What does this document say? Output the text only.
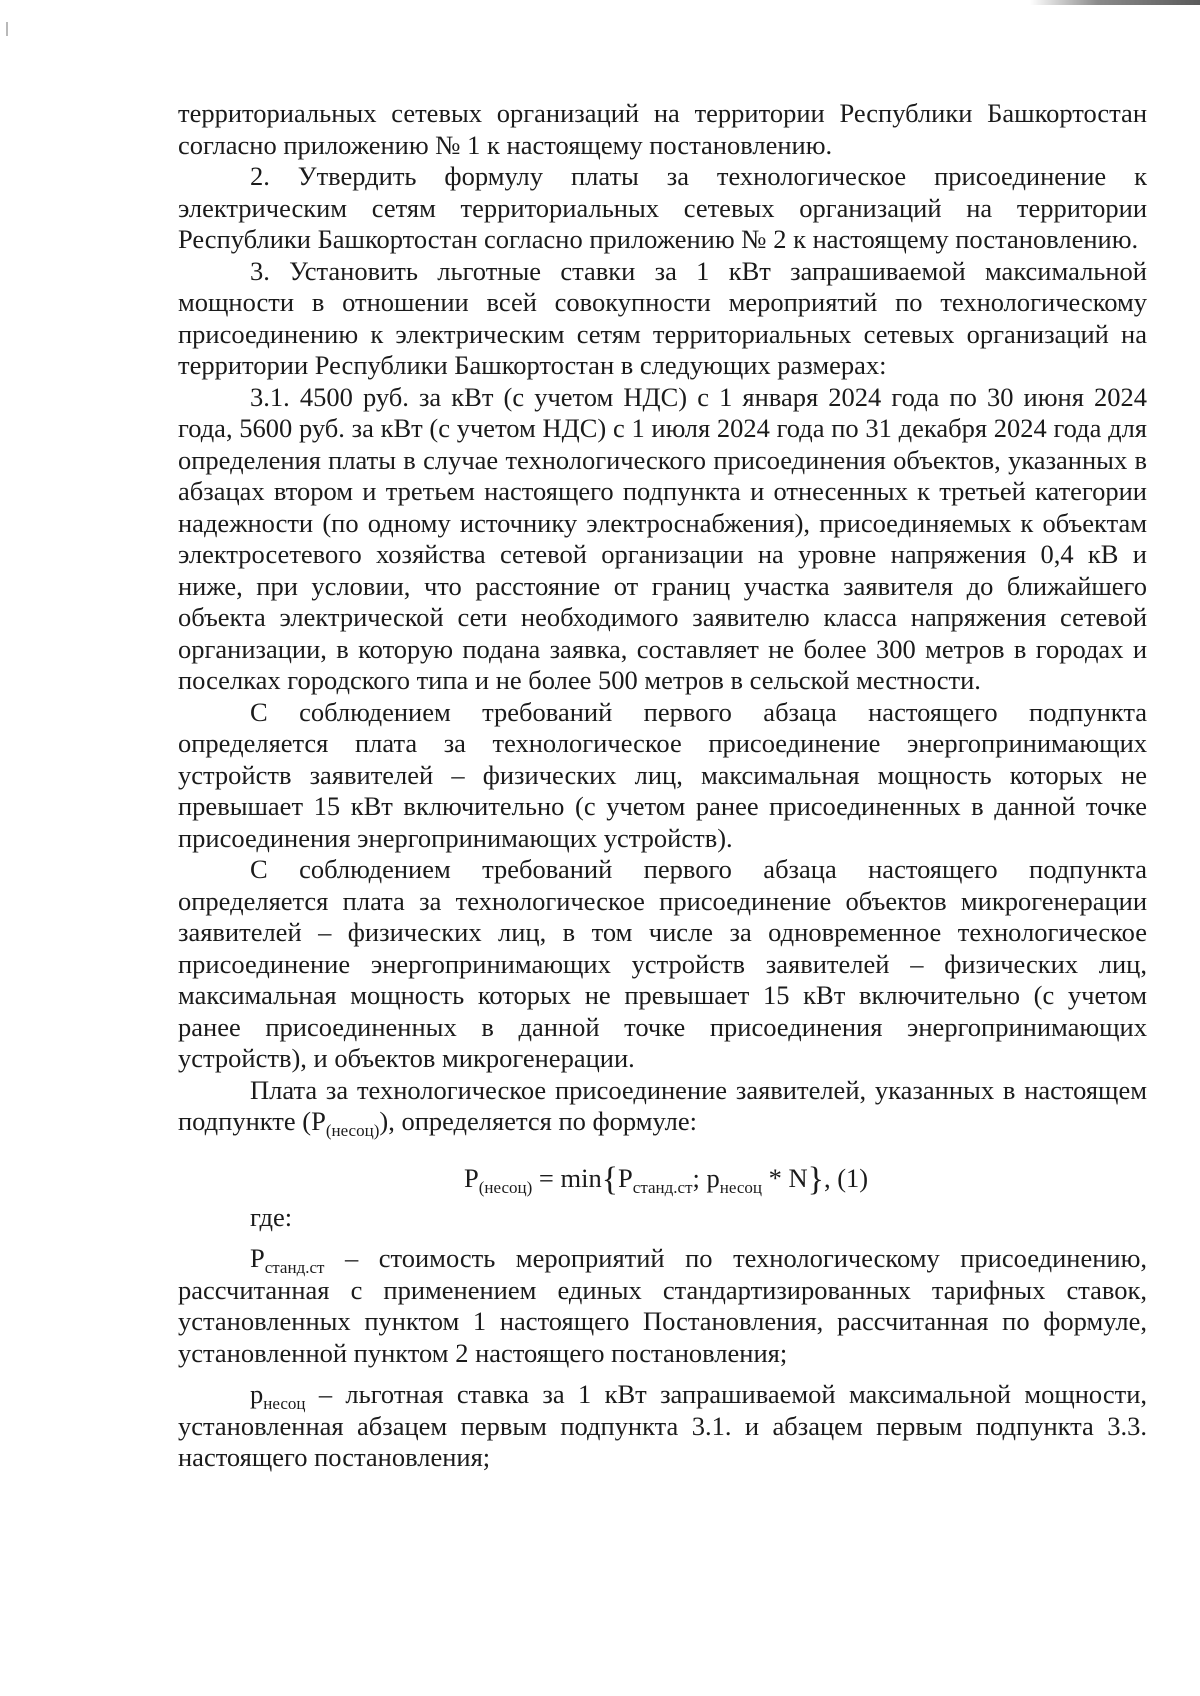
территориальных сетевых организаций на территории Республики Башкортостан согласно приложению № 1 к настоящему постановлению.

2. Утвердить формулу платы за технологическое присоединение к электрическим сетям территориальных сетевых организаций на территории Республики Башкортостан согласно приложению № 2 к настоящему постановлению.

3. Установить льготные ставки за 1 кВт запрашиваемой максимальной мощности в отношении всей совокупности мероприятий по технологическому присоединению к электрическим сетям территориальных сетевых организаций на территории Республики Башкортостан в следующих размерах:

3.1. 4500 руб. за кВт (с учетом НДС) с 1 января 2024 года по 30 июня 2024 года, 5600 руб. за кВт (с учетом НДС) с 1 июля 2024 года по 31 декабря 2024 года для определения платы в случае технологического присоединения объектов, указанных в абзацах втором и третьем настоящего подпункта и отнесенных к третьей категории надежности (по одному источнику электроснабжения), присоединяемых к объектам электросетевого хозяйства сетевой организации на уровне напряжения 0,4 кВ и ниже, при условии, что расстояние от границ участка заявителя до ближайшего объекта электрической сети необходимого заявителю класса напряжения сетевой организации, в которую подана заявка, составляет не более 300 метров в городах и поселках городского типа и не более 500 метров в сельской местности.

С соблюдением требований первого абзаца настоящего подпункта определяется плата за технологическое присоединение энергопринимающих устройств заявителей – физических лиц, максимальная мощность которых не превышает 15 кВт включительно (с учетом ранее присоединенных в данной точке присоединения энергопринимающих устройств).

С соблюдением требований первого абзаца настоящего подпункта определяется плата за технологическое присоединение объектов микрогенерации заявителей – физических лиц, в том числе за одновременное технологическое присоединение энергопринимающих устройств заявителей – физических лиц, максимальная мощность которых не превышает 15 кВт включительно (с учетом ранее присоединенных в данной точке присоединения энергопринимающих устройств), и объектов микрогенерации.

Плата за технологическое присоединение заявителей, указанных в настоящем подпункте $(P_{(несоц)})$, определяется по формуле:

$P_{(несоц)} = \min\{P_{станд.ст}$; $p_{несоц} * N$}, (1)

где:

$P_{станд.ст}$ – стоимость мероприятий по технологическому присоединению, рассчитанная с применением единых стандартизированных тарифных ставок, установленных пунктом 1 настоящего Постановления, рассчитанная по формуле, установленной пунктом 2 настоящего постановления;

$p_{несоц}$ – льготная ставка за 1 кВт запрашиваемой максимальной мощности, установленная абзацем первым подпункта 3.1. и абзацем первым подпункта 3.3. настоящего постановления;
